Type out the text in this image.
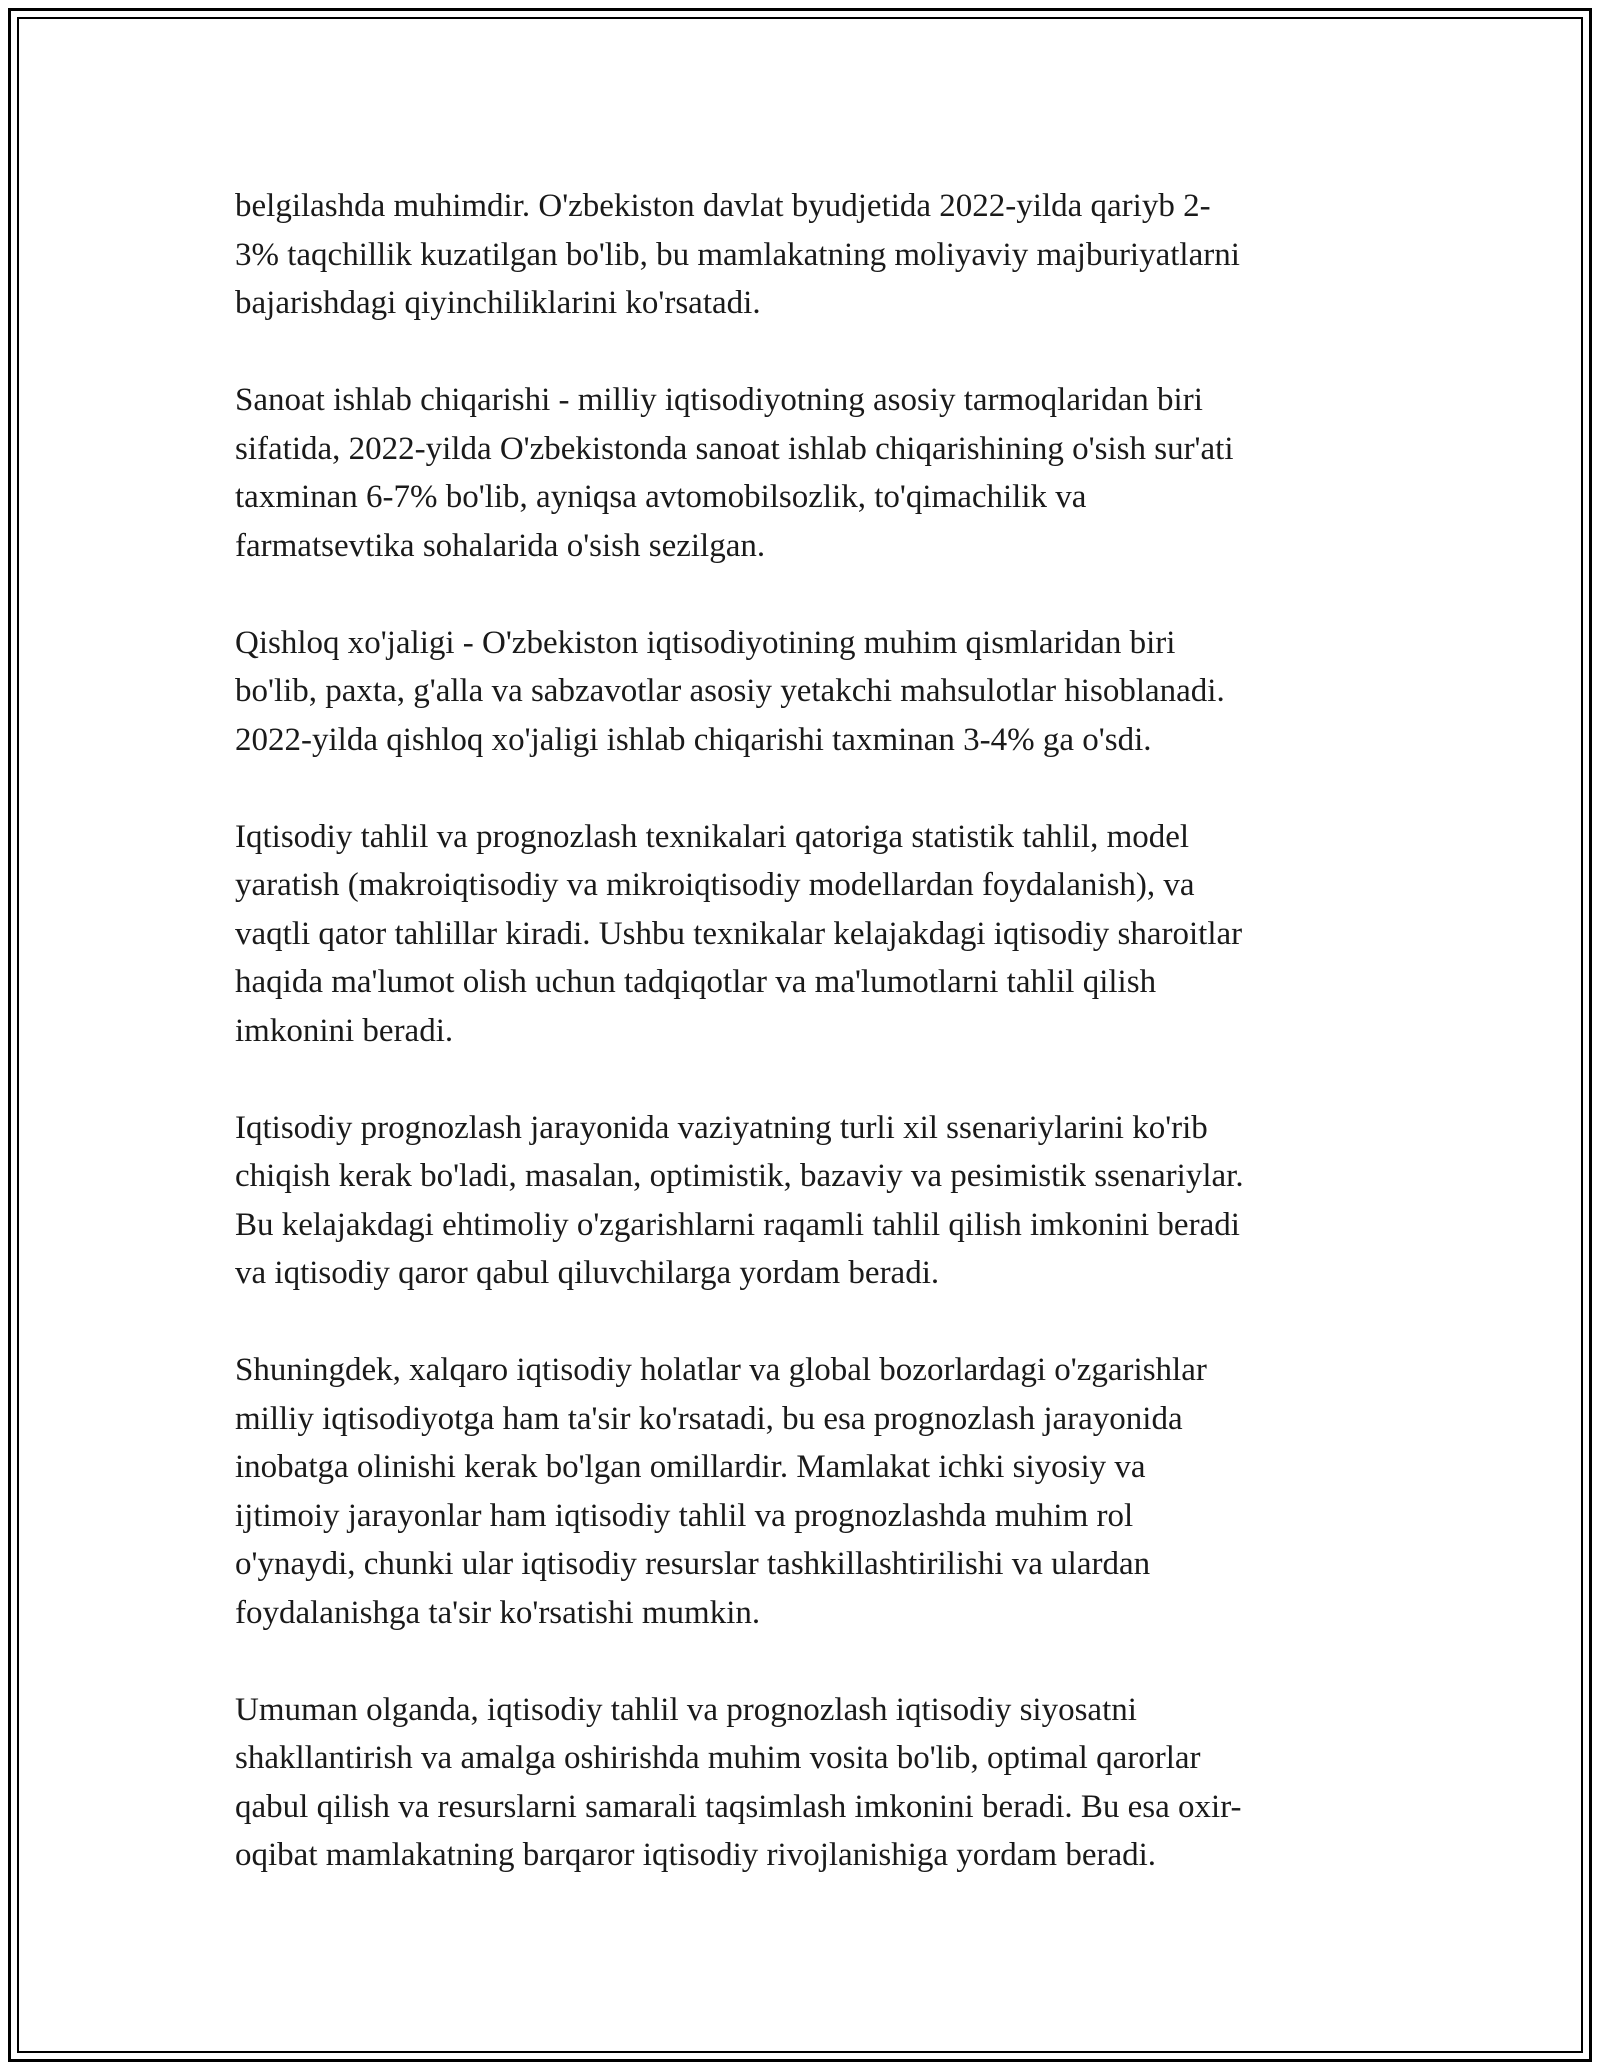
belgilashda muhimdir. O'zbekiston davlat byudjetida 2022-yilda qariyb 2-
3% taqchillik kuzatilgan bo'lib, bu mamlakatning moliyaviy majburiyatlarni
bajarishdagi qiyinchiliklarini ko'rsatadi.

Sanoat ishlab chiqarishi - milliy iqtisodiyotning asosiy tarmoqlaridan biri
sifatida, 2022-yilda O'zbekistonda sanoat ishlab chiqarishining o'sish sur'ati
taxminan 6-7% bo'lib, ayniqsa avtomobilsozlik, to'qimachilik va
farmatsevtika sohalarida o'sish sezilgan.

Qishloq xo'jaligi - O'zbekiston iqtisodiyotining muhim qismlaridan biri
bo'lib, paxta, g'alla va sabzavotlar asosiy yetakchi mahsulotlar hisoblanadi.
2022-yilda qishloq xo'jaligi ishlab chiqarishi taxminan 3-4% ga o'sdi.

Iqtisodiy tahlil va prognozlash texnikalari qatoriga statistik tahlil, model
yaratish (makroiqtisodiy va mikroiqtisodiy modellardan foydalanish), va
vaqtli qator tahlillar kiradi. Ushbu texnikalar kelajakdagi iqtisodiy sharoitlar
haqida ma'lumot olish uchun tadqiqotlar va ma'lumotlarni tahlil qilish
imkonini beradi.

Iqtisodiy prognozlash jarayonida vaziyatning turli xil ssenariylarini ko'rib
chiqish kerak bo'ladi, masalan, optimistik, bazaviy va pesimistik ssenariylar.
Bu kelajakdagi ehtimoliy o'zgarishlarni raqamli tahlil qilish imkonini beradi
va iqtisodiy qaror qabul qiluvchilarga yordam beradi.

Shuningdek, xalqaro iqtisodiy holatlar va global bozorlardagi o'zgarishlar
milliy iqtisodiyotga ham ta'sir ko'rsatadi, bu esa prognozlash jarayonida
inobatga olinishi kerak bo'lgan omillardir. Mamlakat ichki siyosiy va
ijtimoiy jarayonlar ham iqtisodiy tahlil va prognozlashda muhim rol
o'ynaydi, chunki ular iqtisodiy resurslar tashkillashtirilishi va ulardan
foydalanishga ta'sir ko'rsatishi mumkin.

Umuman olganda, iqtisodiy tahlil va prognozlash iqtisodiy siyosatni
shakllantirish va amalga oshirishda muhim vosita bo'lib, optimal qarorlar
qabul qilish va resurslarni samarali taqsimlash imkonini beradi. Bu esa oxir-
oqibat mamlakatning barqaror iqtisodiy rivojlanishiga yordam beradi.
